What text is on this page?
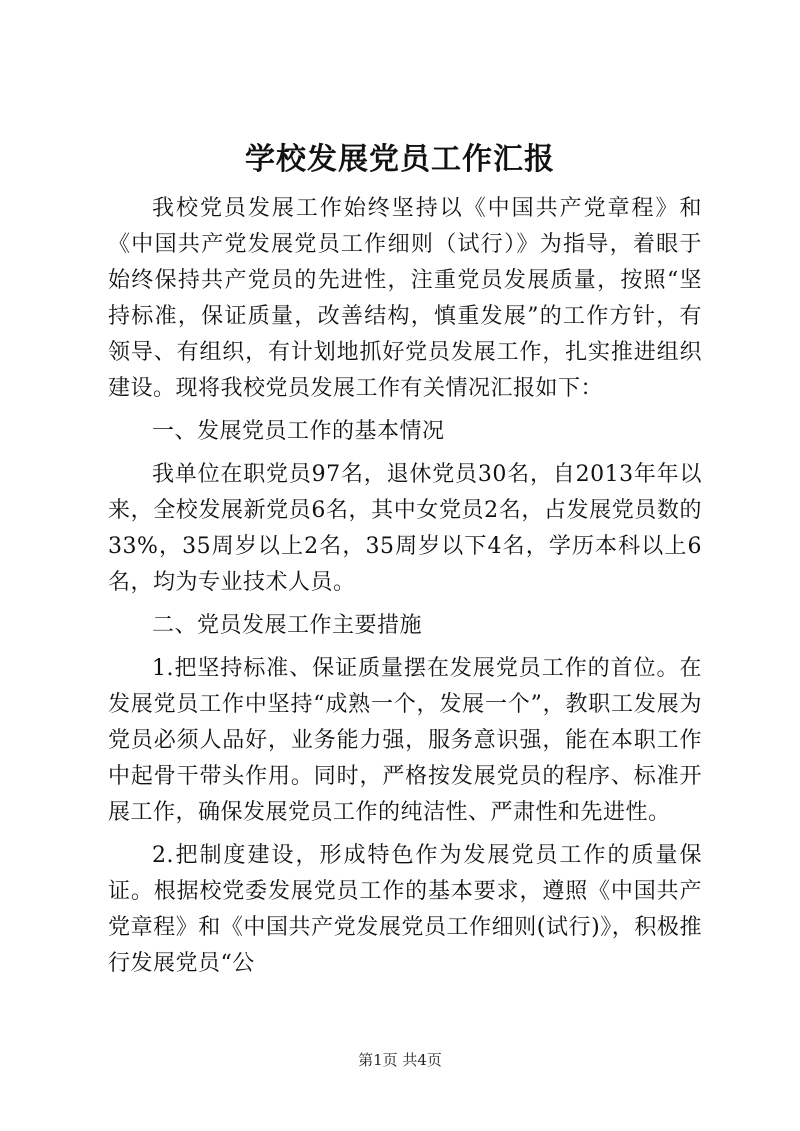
学校发展党员工作汇报

我校党员发展工作始终坚持以《中国共产党章程》和《中国共产党发展党员工作细则（试行）》为指导，着眼于始终保持共产党员的先进性，注重党员发展质量，按照“坚持标准，保证质量，改善结构，慎重发展”的工作方针，有领导、有组织，有计划地抓好党员发展工作，扎实推进组织建设。现将我校党员发展工作有关情况汇报如下：

一、发展党员工作的基本情况

我单位在职党员97名，退休党员30名，自2013年年以来，全校发展新党员6名，其中女党员2名，占发展党员数的33%，35周岁以上2名，35周岁以下4名，学历本科以上6名，均为专业技术人员。

二、党员发展工作主要措施

1.把坚持标准、保证质量摆在发展党员工作的首位。在发展党员工作中坚持“成熟一个，发展一个”，教职工发展为党员必须人品好，业务能力强，服务意识强，能在本职工作中起骨干带头作用。同时，严格按发展党员的程序、标准开展工作，确保发展党员工作的纯洁性、严肃性和先进性。

2.把制度建设，形成特色作为发展党员工作的质量保证。根据校党委发展党员工作的基本要求，遵照《中国共产党章程》和《中国共产党发展党员工作细则(试行)》，积极推行发展党员“公

第1页 共4页
